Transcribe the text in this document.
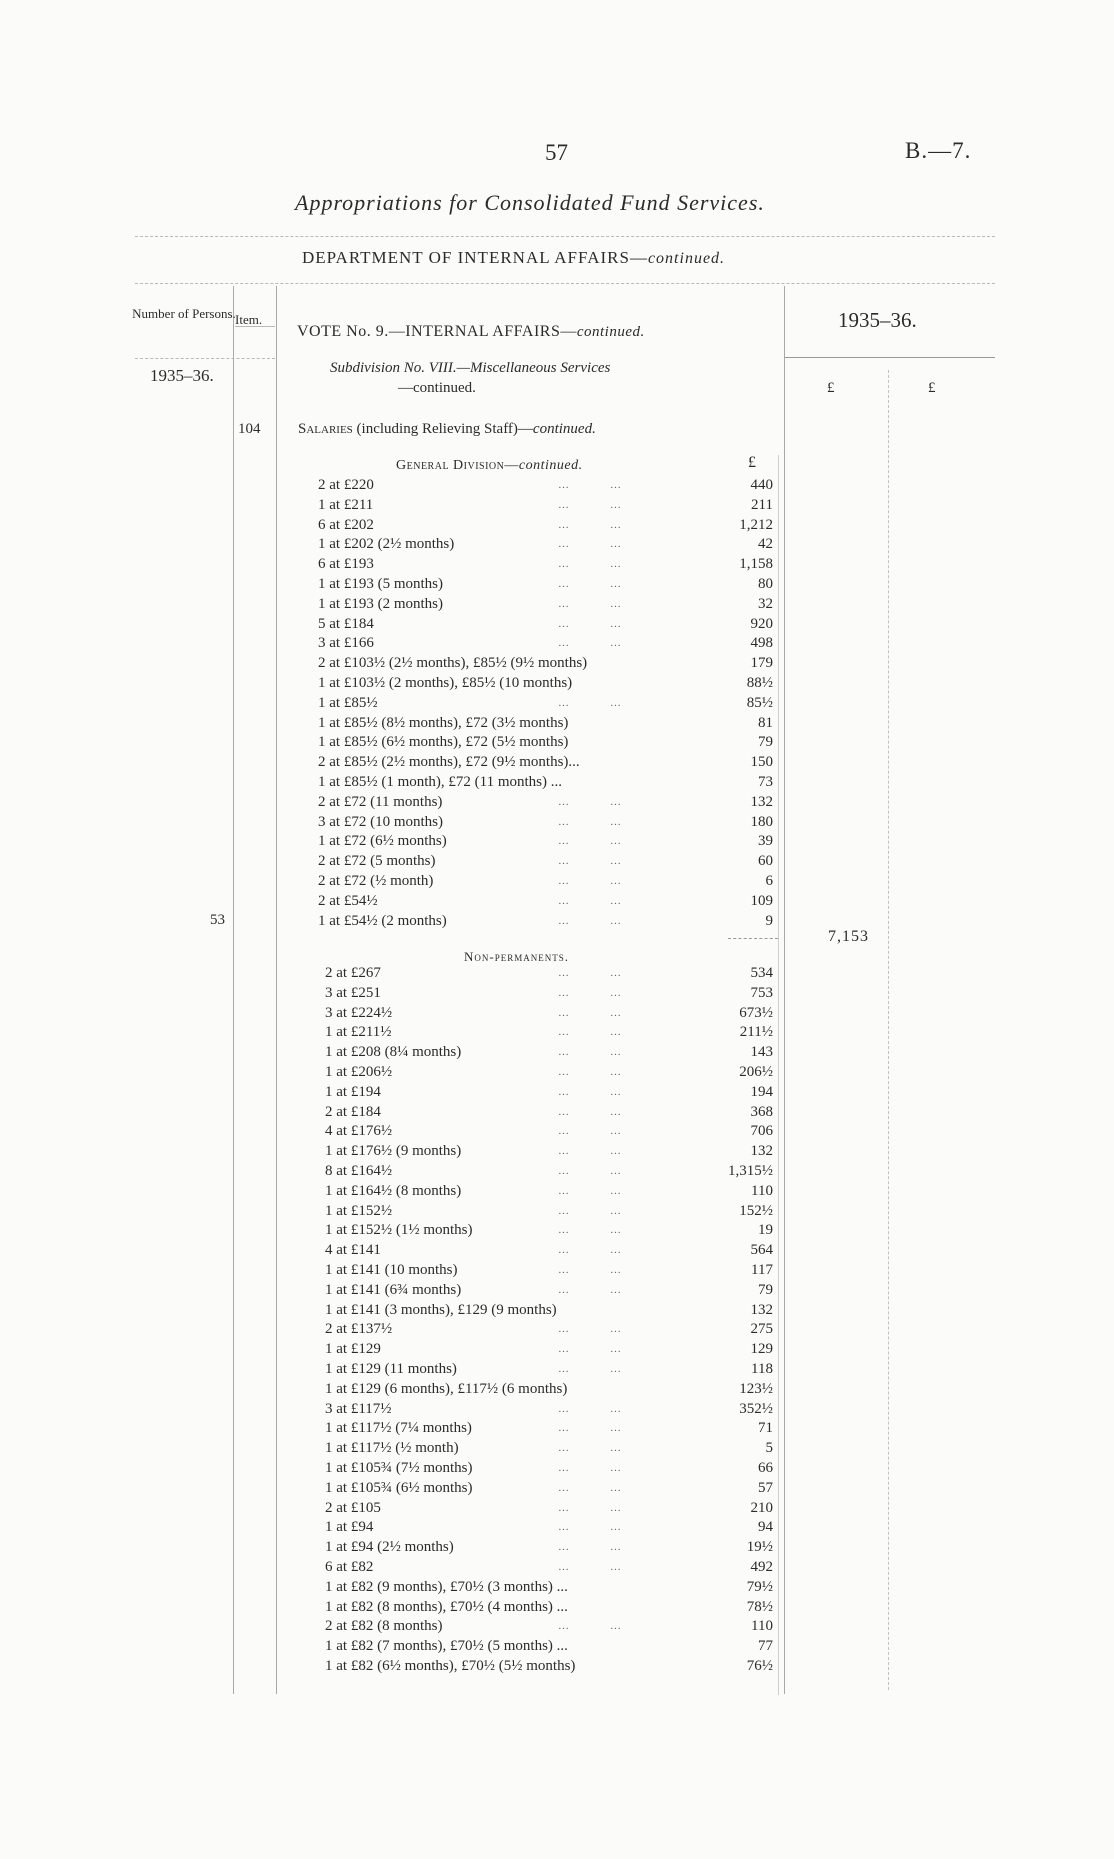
57	B.—7.
Appropriations for Consolidated Fund Services.
DEPARTMENT OF INTERNAL AFFAIRS—continued.
Number of Persons. Item.
VOTE No. 9.—INTERNAL AFFAIRS—continued.	1935–36.
1935–36.	Subdivision No. VIII.—Miscellaneous Services
—continued.	£	£
104	Salaries (including Relieving Staff)—continued.
General Division—continued.	£
2 at £220	…   …	440
1 at £211	…   …	211
6 at £202	…   …	1,212
1 at £202 (2½ months)	…   …	42
6 at £193	…   …	1,158
1 at £193 (5 months)	…   …	80
1 at £193 (2 months)	…   …	32
5 at £184	…   …	920
3 at £166	…   …	498
2 at £103½ (2½ months), £85½ (9½ months)	179
1 at £103½ (2 months), £85½ (10 months)	88½
1 at £85½	…   …	85½
1 at £85½ (8½ months), £72 (3½ months)	81
1 at £85½ (6½ months), £72 (5½ months)	79
2 at £85½ (2½ months), £72 (9½ months)...	150
1 at £85½ (1 month), £72 (11 months) ...	73
2 at £72 (11 months)	…   …	132
3 at £72 (10 months)	…   …	180
1 at £72 (6½ months)	…   …	39
2 at £72 (5 months)	…   …	60
2 at £72 (½ month)	…   …	6
2 at £54½	…   …	109
1 at £54½ (2 months)	…   …	9
53
7,153
Non-permanents.
2 at £267	…   …	534
3 at £251	…   …	753
3 at £224½	…   …	673½
1 at £211½	…   …	211½
1 at £208 (8¼ months)	…   …	143
1 at £206½	…   …	206½
1 at £194	…   …	194
2 at £184	…   …	368
4 at £176½	…   …	706
1 at £176½ (9 months)	…   …	132
8 at £164½	…   …	1,315½
1 at £164½ (8 months)	…   …	110
1 at £152½	…   …	152½
1 at £152½ (1½ months)	…   …	19
4 at £141	…   …	564
1 at £141 (10 months)	…   …	117
1 at £141 (6¾ months)	…   …	79
1 at £141 (3 months), £129 (9 months)	132
2 at £137½	…   …	275
1 at £129	…   …	129
1 at £129 (11 months)	…   …	118
1 at £129 (6 months), £117½ (6 months)	123½
3 at £117½	…   …	352½
1 at £117½ (7¼ months)	…   …	71
1 at £117½ (½ month)	…   …	5
1 at £105¾ (7½ months)	…   …	66
1 at £105¾ (6½ months)	…   …	57
2 at £105	…   …	210
1 at £94	…   …	94
1 at £94 (2½ months)	…   …	19½
6 at £82	…   …	492
1 at £82 (9 months), £70½ (3 months) ...	79½
1 at £82 (8 months), £70½ (4 months) ...	78½
2 at £82 (8 months)	…   …	110
1 at £82 (7 months), £70½ (5 months) ...	77
1 at £82 (6½ months), £70½ (5½ months)	76½
